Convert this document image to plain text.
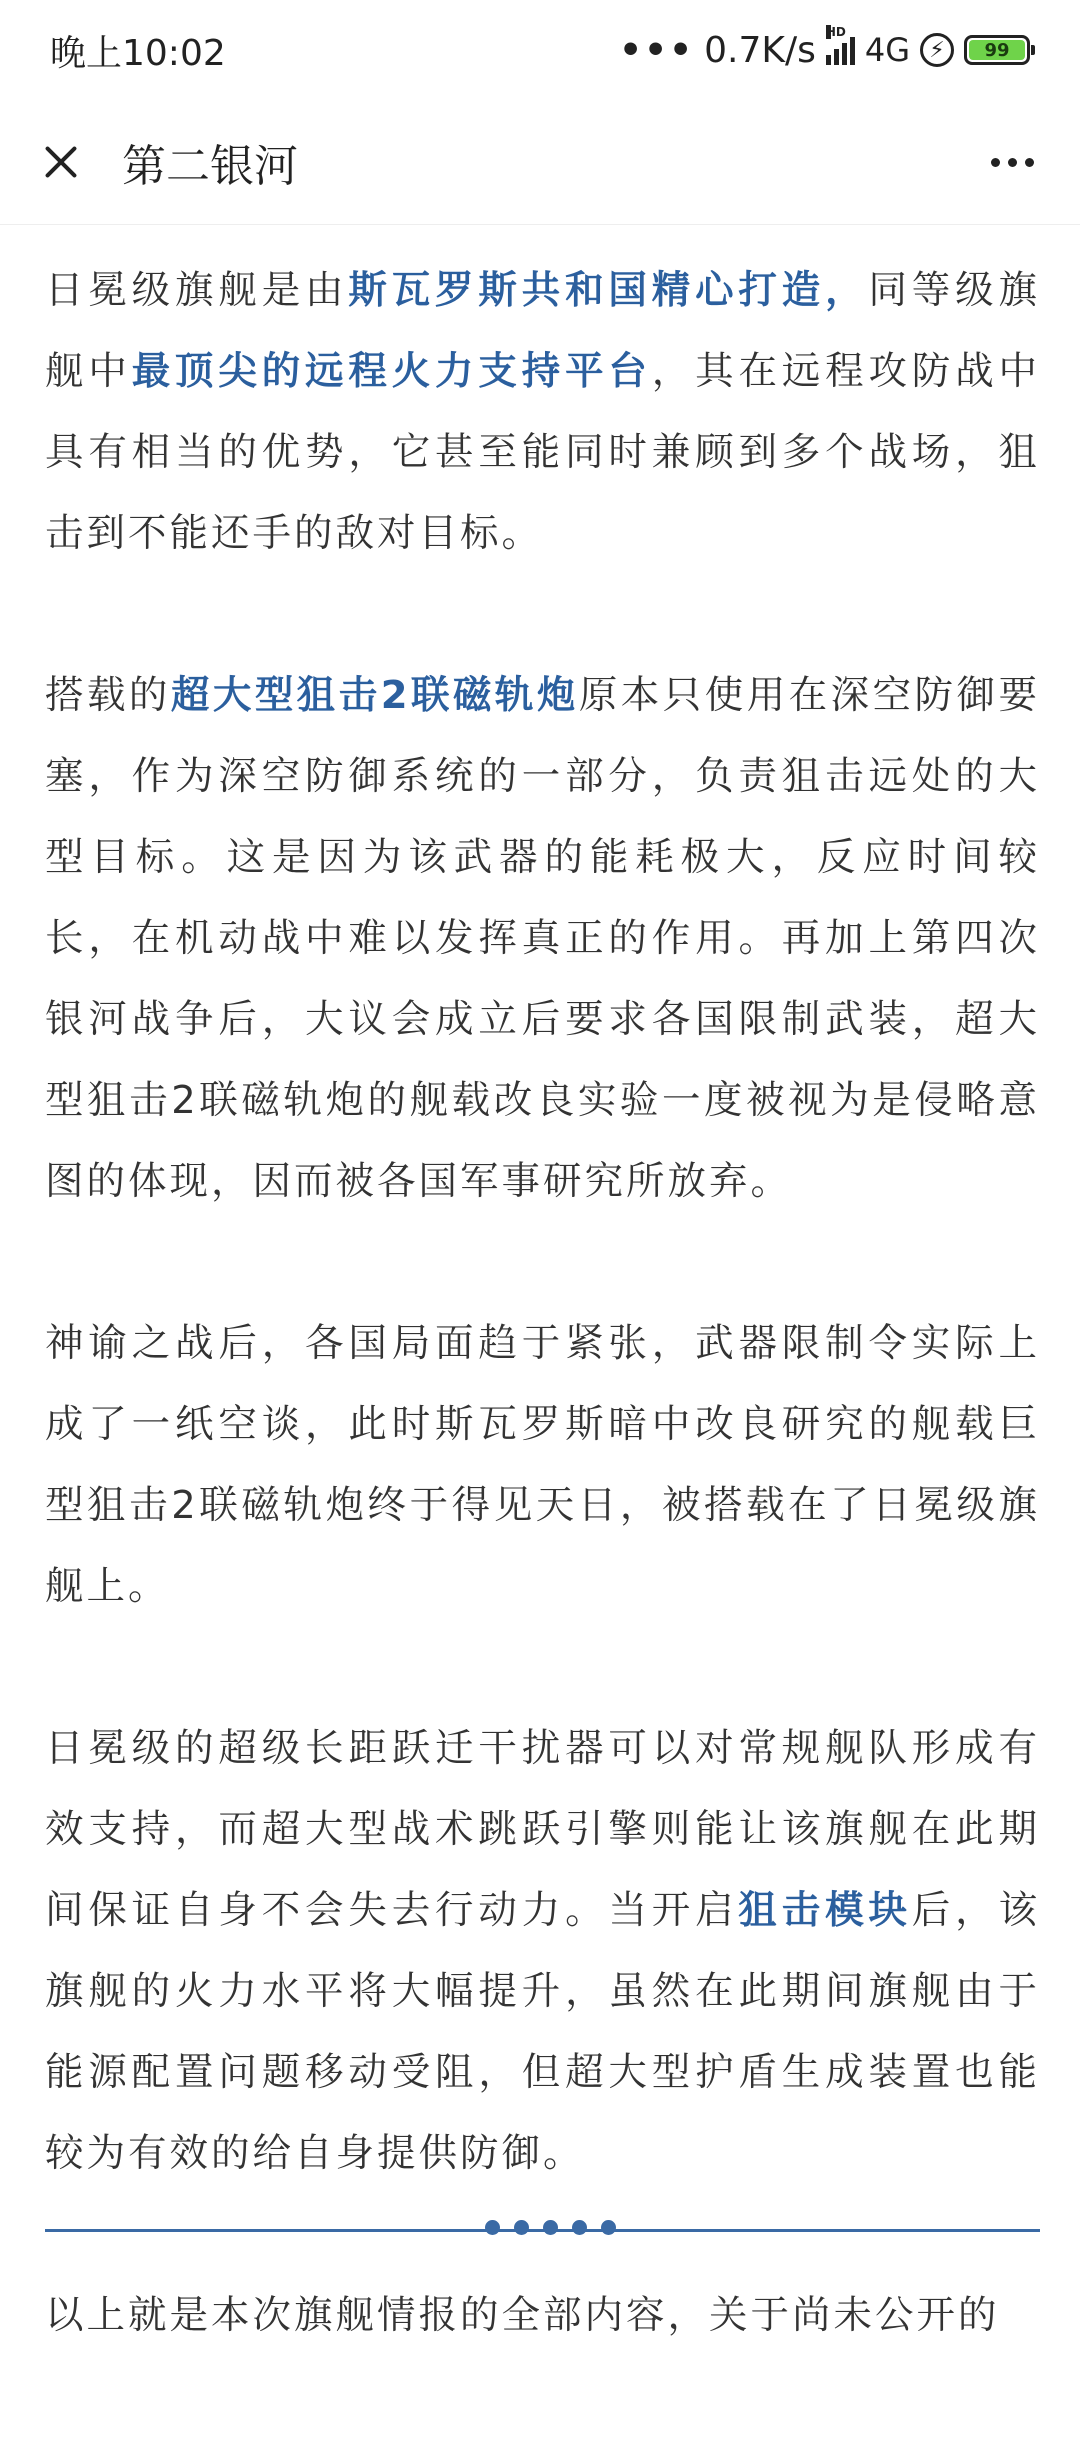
晚上10:02	••• 0.7K/s HD 4G ⚡	99
第二银河

日冕级旗舰是由斯瓦罗斯共和国精心打造，同等级旗舰中最顶尖的远程火力支持平台，其在远程攻防战中具有相当的优势，它甚至能同时兼顾到多个战场，狙击到不能还手的敌对目标。

搭载的超大型狙击2联磁轨炮原本只使用在深空防御要塞，作为深空防御系统的一部分，负责狙击远处的大型目标。这是因为该武器的能耗极大，反应时间较长，在机动战中难以发挥真正的作用。再加上第四次银河战争后，大议会成立后要求各国限制武装，超大型狙击2联磁轨炮的舰载改良实验一度被视为是侵略意图的体现，因而被各国军事研究所放弃。

神谕之战后，各国局面趋于紧张，武器限制令实际上成了一纸空谈，此时斯瓦罗斯暗中改良研究的舰载巨型狙击2联磁轨炮终于得见天日，被搭载在了日冕级旗舰上。

日冕级的超级长距跃迁干扰器可以对常规舰队形成有效支持，而超大型战术跳跃引擎则能让该旗舰在此期间保证自身不会失去行动力。当开启狙击模块后，该旗舰的火力水平将大幅提升，虽然在此期间旗舰由于能源配置问题移动受阻，但超大型护盾生成装置也能较为有效的给自身提供防御。

以上就是本次旗舰情报的全部内容，关于尚未公开的
